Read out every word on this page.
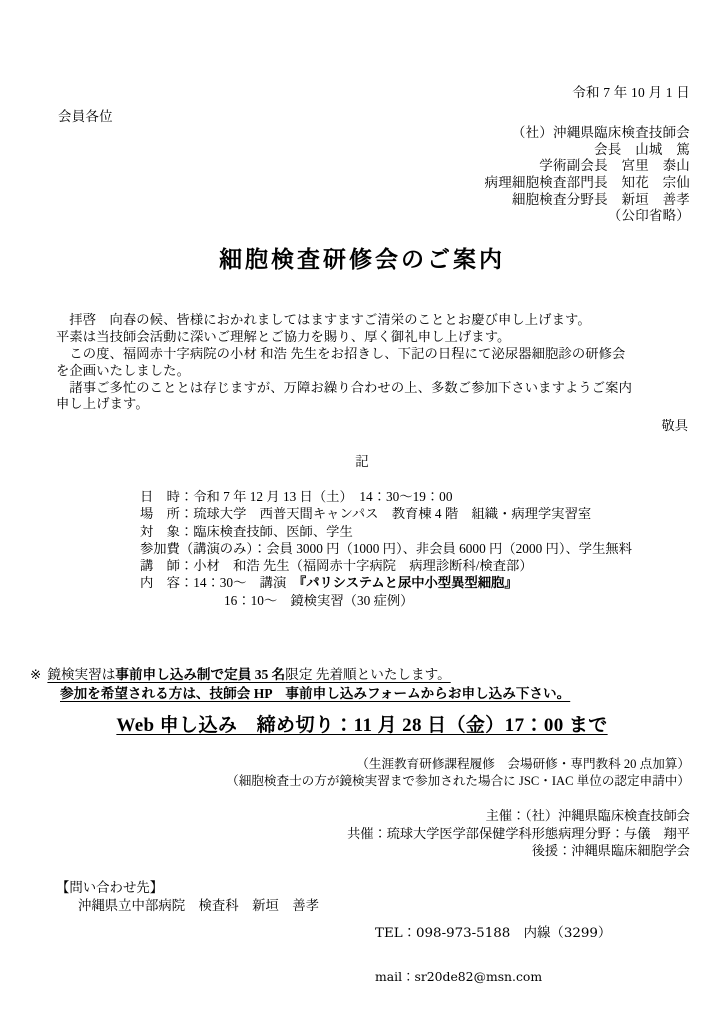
令和 7 年 10 月 1 日
会員各位
（社）沖縄県臨床検査技師会
会長　山城　篤
学術副会長　宮里　泰山
病理細胞検査部門長　知花　宗仙
細胞検査分野長　新垣　善孝
（公印省略）
細胞検査研修会のご案内
拝啓　向春の候、皆様におかれましてはますますご清栄のこととお慶び申し上げます。
平素は当技師会活動に深いご理解とご協力を賜り、厚く御礼申し上げます。
この度、福岡赤十字病院の小材 和浩 先生をお招きし、下記の日程にて泌尿器細胞診の研修会
を企画いたしました。
諸事ご多忙のこととは存じますが、万障お繰り合わせの上、多数ご参加下さいますようご案内
申し上げます。
敬具
記
日　時：令和 7 年 12 月 13 日（土）　14：30〜19：00
場　所：琉球大学　西普天間キャンパス　教育棟 4 階　組織・病理学実習室
対　象：臨床検査技師、医師、学生
参加費（講演のみ）：会員 3000 円（1000 円）、非会員 6000 円（2000 円）、学生無料
講　師：小材　和浩 先生（福岡赤十字病院　病理診断科/検査部）
内　容：14：30〜　講演　『パリシステムと尿中小型異型細胞』
16：10〜　鏡検実習（30 症例）
※ 鏡検実習は事前申し込み制で定員 35 名限定 先着順といたします。
参加を希望される方は、技師会 HP　事前申し込みフォームからお申し込み下さい。
Web 申し込み　締め切り：11 月 28 日（金）17：00 まで
（生涯教育研修課程履修　会場研修・専門教科 20 点加算）
（細胞検査士の方が鏡検実習まで参加された場合に JSC・IAC 単位の認定申請中）
主催：（社）沖縄県臨床検査技師会
共催：琉球大学医学部保健学科形態病理分野：与儀　翔平
後援：沖縄県臨床細胞学会
【問い合わせ先】
沖縄県立中部病院　検査科　新垣　善孝

TEL：098-973-5188　内線（3299）

mail：sr20de82@msn.com
